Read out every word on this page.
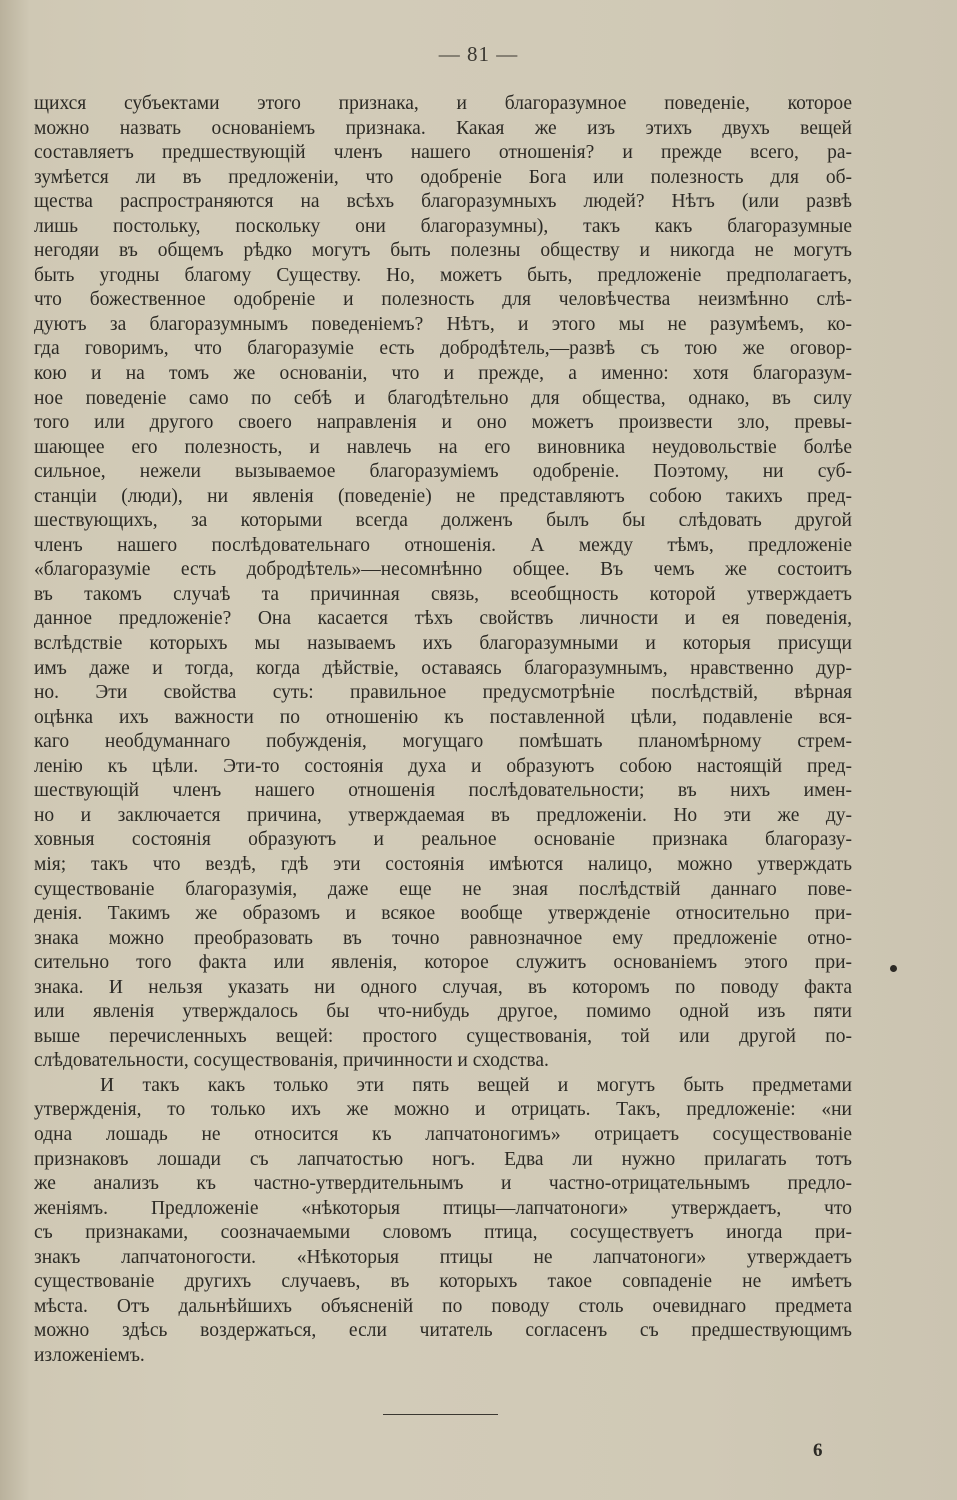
— 81 —
щихся субъектами этого признака, и благоразумное поведеніе, которое
можно назвать основаніемъ признака. Какая же изъ этихъ двухъ вещей
составляетъ предшествующій членъ нашего отношенія? и прежде всего, ра-
зумѣется ли въ предложеніи, что одобреніе Бога или полезность для об-
щества распространяются на всѣхъ благоразумныхъ людей? Нѣтъ (или развѣ
лишь постольку, поскольку они благоразумны), такъ какъ благоразумные
негодяи въ общемъ рѣдко могутъ быть полезны обществу и никогда не могутъ
быть угодны благому Существу. Но, можетъ быть, предложеніе предполагаетъ,
что божественное одобреніе и полезность для человѣчества неизмѣнно слѣ-
дуютъ за благоразумнымъ поведеніемъ? Нѣтъ, и этого мы не разумѣемъ, ко-
гда говоримъ, что благоразуміе есть добродѣтель,—развѣ съ тою же оговор-
кою и на томъ же основаніи, что и прежде, а именно: хотя благоразум-
ное поведеніе само по себѣ и благодѣтельно для общества, однако, въ силу
того или другого своего направленія и оно можетъ произвести зло, превы-
шающее его полезность, и навлечь на его виновника неудовольствіе болѣе
сильное, нежели вызываемое благоразуміемъ одобреніе. Поэтому, ни суб-
станціи (люди), ни явленія (поведеніе) не представляютъ собою такихъ пред-
шествующихъ, за которыми всегда долженъ былъ бы слѣдовать другой
членъ нашего послѣдовательнаго отношенія. А между тѣмъ, предложеніе
«благоразуміе есть добродѣтель»—несомнѣнно общее. Въ чемъ же состоитъ
въ такомъ случаѣ та причинная связь, всеобщность которой утверждаетъ
данное предложеніе? Она касается тѣхъ свойствъ личности и ея поведенія,
вслѣдствіе которыхъ мы называемъ ихъ благоразумными и которыя присущи
имъ даже и тогда, когда дѣйствіе, оставаясь благоразумнымъ, нравственно дур-
но. Эти свойства суть: правильное предусмотрѣніе послѣдствій, вѣрная
оцѣнка ихъ важности по отношенію къ поставленной цѣли, подавленіе вся-
каго необдуманнаго побужденія, могущаго помѣшать планомѣрному стрем-
ленію къ цѣли. Эти-то состоянія духа и образуютъ собою настоящій пред-
шествующій членъ нашего отношенія послѣдовательности; въ нихъ имен-
но и заключается причина, утверждаемая въ предложеніи. Но эти же ду-
ховныя состоянія образуютъ и реальное основаніе признака благоразу-
мія; такъ что вездѣ, гдѣ эти состоянія имѣются налицо, можно утверждать
существованіе благоразумія, даже еще не зная послѣдствій даннаго пове-
денія. Такимъ же образомъ и всякое вообще утвержденіе относительно при-
знака можно преобразовать въ точно равнозначное ему предложеніе отно-
сительно того факта или явленія, которое служитъ основаніемъ этого при-
знака. И нельзя указать ни одного случая, въ которомъ по поводу факта
или явленія утверждалось бы что-нибудь другое, помимо одной изъ пяти
выше перечисленныхъ вещей: простого существованія, той или другой по-
слѣдовательности, сосуществованія, причинности и сходства.
И такъ какъ только эти пять вещей и могутъ быть предметами
утвержденія, то только ихъ же можно и отрицать. Такъ, предложеніе: «ни
одна лошадь не относится къ лапчатоногимъ» отрицаетъ сосуществованіе
признаковъ лошади съ лапчатостью ногъ. Едва ли нужно прилагать тотъ
же анализъ къ частно-утвердительнымъ и частно-отрицательнымъ предло-
женіямъ. Предложеніе «нѣкоторыя птицы—лапчатоноги» утверждаетъ, что
съ признаками, соозначаемыми словомъ птица, сосуществуетъ иногда при-
знакъ лапчатоногости. «Нѣкоторыя птицы не лапчатоноги» утверждаетъ
существованіе другихъ случаевъ, въ которыхъ такое совпаденіе не имѣетъ
мѣста. Отъ дальнѣйшихъ объясненій по поводу столь очевиднаго предмета
можно здѣсь воздержаться, если читатель согласенъ съ предшествующимъ
изложеніемъ.
6
